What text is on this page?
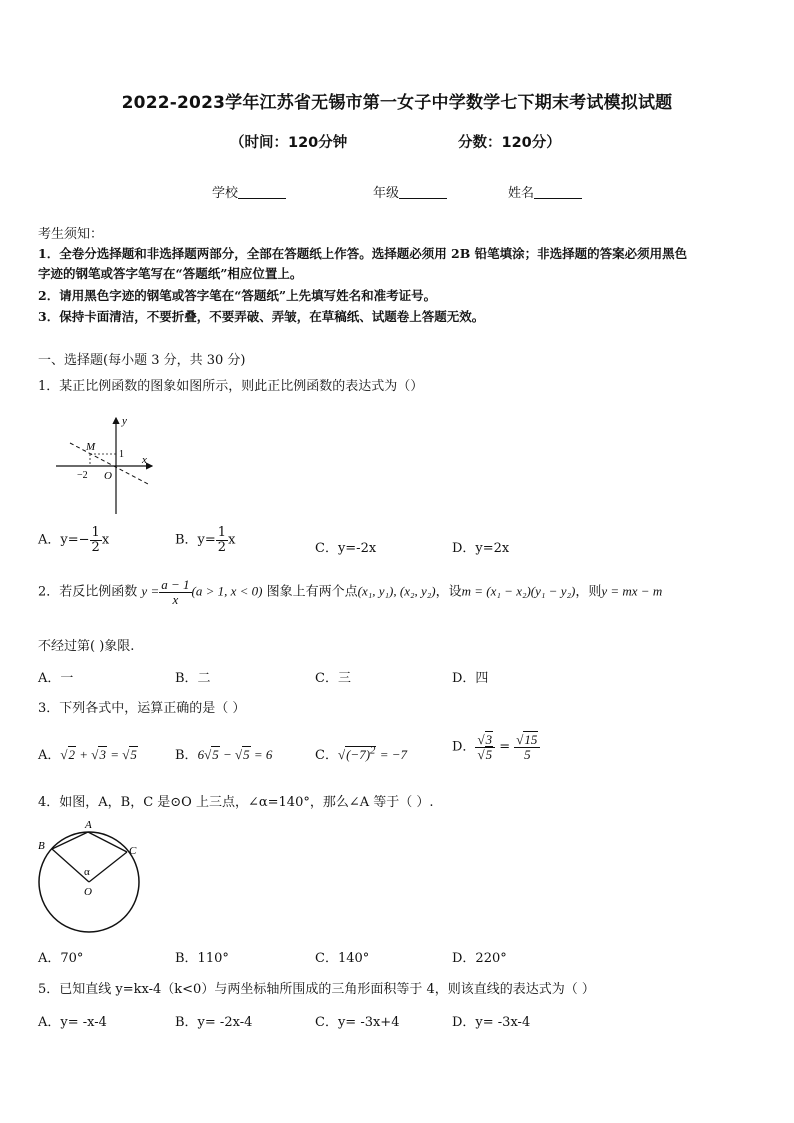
2022-2023学年江苏省无锡市第一女子中学数学七下期末考试模拟试题
（时间：120分钟	分数：120分）
学校	年级	姓名
考生须知：
1．全卷分选择题和非选择题两部分，全部在答题纸上作答。选择题必须用 2B 铅笔填涂；非选择题的答案必须用黑色
字迹的钢笔或答字笔写在“答题纸”相应位置上。
2．请用黑色字迹的钢笔或答字笔在“答题纸”上先填写姓名和准考证号。
3．保持卡面清洁，不要折叠，不要弄破、弄皱，在草稿纸、试题卷上答题无效。
一、选择题(每小题 3 分，共 30 分)
1．某正比例函数的图象如图所示，则此正比例函数的表达式为（）
y
x
M
1
−2 O
A．$y=- \frac{1}{2}$ x	B．$y= \frac{1}{2}$ x
C．y=-2x	D．y=2x
2．若反比例函数 $y = \frac{a - 1}{x} (a > 1$, x < 0) 图象上有两个点(x₁, y₁), (x₂, y₂)，设m = (x₁ − x₂)(y₁ − y₂)，则y = mx − m
不经过第( )象限.
A．一	B．二	C．三	D．四
3．下列各式中，运算正确的是（ ）
A．√2 + √3 = √5	B．6√5 − √5 = 6	C．$√(-7)^2 = -7$	D． $\frac{√3}{√5} = \frac{√15}{5}$
4．如图，A，B，C 是⊙O 上三点，∠α=140°，那么∠A 等于（ ）.
A
B	C
O
α
A．70°	B．110°	C．140°	D．220°
5．已知直线 y=kx-4（k<0）与两坐标轴所围成的三角形面积等于 4，则该直线的表达式为（ ）
A．y= -x-4	B．y= -2x-4	C．y= -3x+4	D．y= -3x-4
